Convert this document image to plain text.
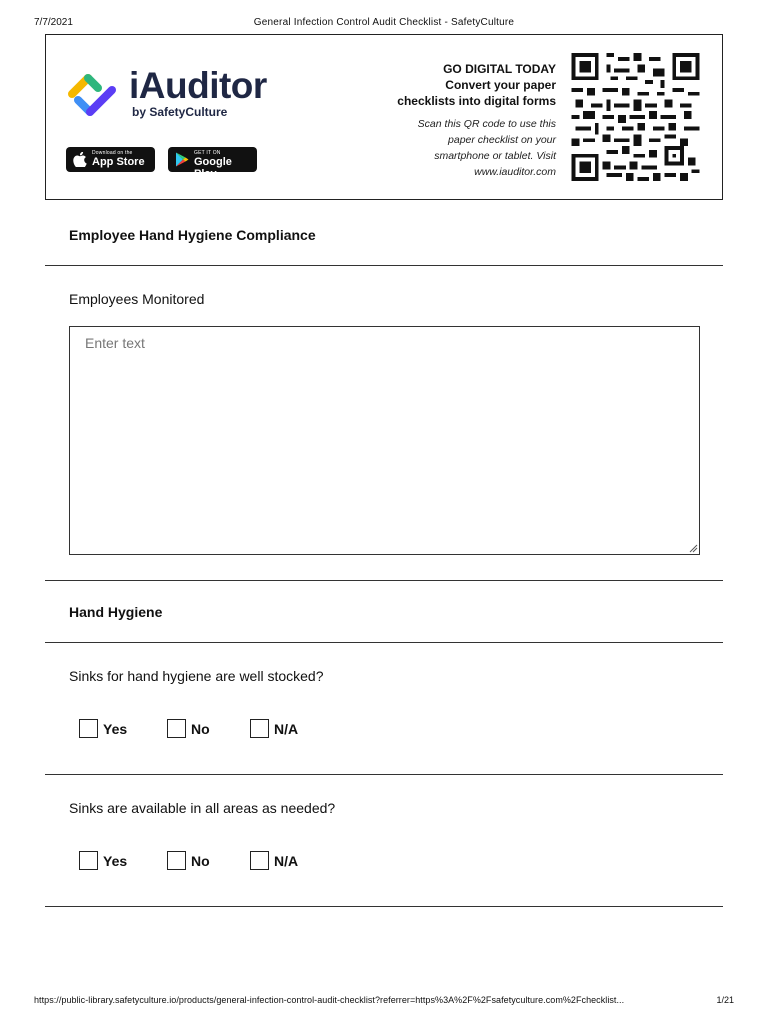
7/7/2021	General Infection Control Audit Checklist - SafetyCulture
iAuditor
by SafetyCulture
Download on the
App Store
GET IT ON
Google Play
GO DIGITAL TODAY
Convert your paper
checklists into digital forms
Scan this QR code to use this
paper checklist on your
smartphone or tablet. Visit
www.iauditor.com
Employee Hand Hygiene Compliance
Employees Monitored
Enter text
Hand Hygiene
Sinks for hand hygiene are well stocked?
Yes	No	N/A
Sinks are available in all areas as needed?
Yes	No	N/A
https://public-library.safetyculture.io/products/general-infection-control-audit-checklist?referrer=https%3A%2F%2Fsafetyculture.com%2Fchecklist...	1/21
